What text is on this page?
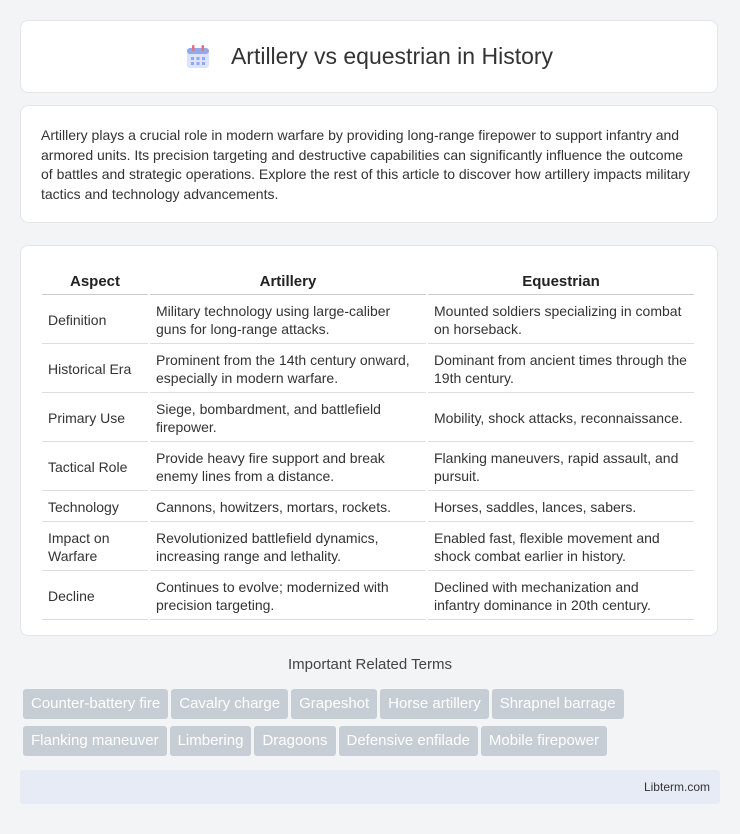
Artillery vs equestrian in History

Artillery plays a crucial role in modern warfare by providing long-range firepower to support infantry and armored units. Its precision targeting and destructive capabilities can significantly influence the outcome of battles and strategic operations. Explore the rest of this article to discover how artillery impacts military tactics and technology advancements.

Aspect	Artillery	Equestrian
Definition	Military technology using large-caliber guns for long-range attacks.	Mounted soldiers specializing in combat on horseback.
Historical Era	Prominent from the 14th century onward, especially in modern warfare.	Dominant from ancient times through the 19th century.
Primary Use	Siege, bombardment, and battlefield firepower.	Mobility, shock attacks, reconnaissance.
Tactical Role	Provide heavy fire support and break enemy lines from a distance.	Flanking maneuvers, rapid assault, and pursuit.
Technology	Cannons, howitzers, mortars, rockets.	Horses, saddles, lances, sabers.
Impact on Warfare	Revolutionized battlefield dynamics, increasing range and lethality.	Enabled fast, flexible movement and shock combat earlier in history.
Decline	Continues to evolve; modernized with precision targeting.	Declined with mechanization and infantry dominance in 20th century.
Important Related Terms
Counter-battery fire Cavalry charge Grapeshot Horse artillery Shrapnel barrage
Flanking maneuver Limbering Dragoons Defensive enfilade Mobile firepower
Libterm.com
